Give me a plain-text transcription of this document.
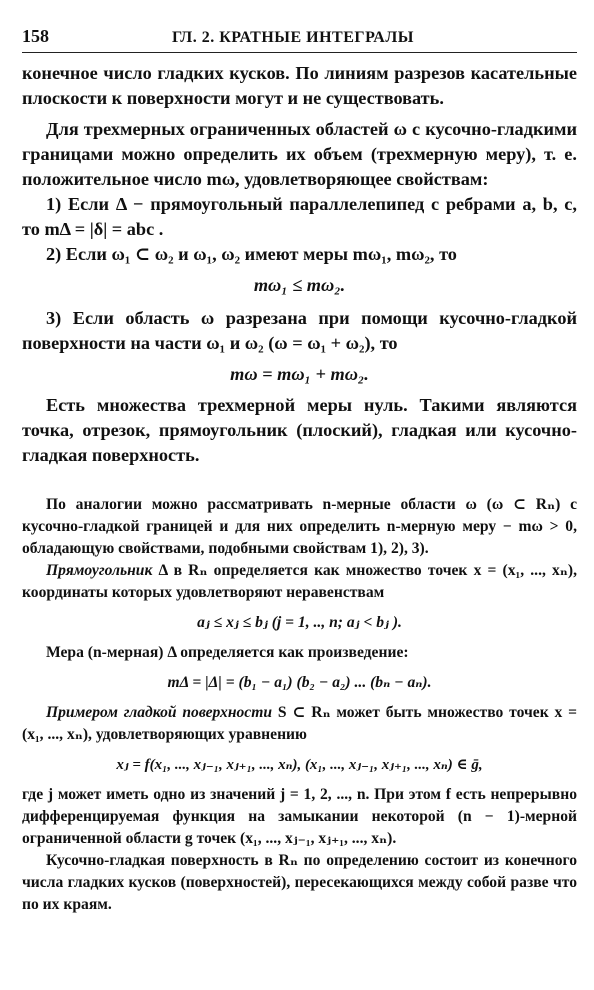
158	ГЛ. 2. КРАТНЫЕ ИНТЕГРАЛЫ

конечное число гладких кусков. По линиям разрезов касательные плоскости к поверхности могут и не существовать.

Для трехмерных ограниченных областей ω с кусочно-гладкими границами можно определить их объем (трехмерную меру), т. е. положительное число mω, удовлетворяющее свойствам:

1) Если Δ − прямоугольный параллелепипед с ребрами a, b, c, то mΔ = |δ| = abc .

2) Если ω₁ ⊂ ω₂ и ω₁, ω₂ имеют меры mω₁, mω₂, то

mω₁ ≤ mω₂.

3) Если область ω разрезана при помощи кусочно-гладкой поверхности на части ω₁ и ω₂ (ω = ω₁ + ω₂), то

mω = mω₁ + mω₂.

Есть множества трехмерной меры нуль. Такими являются точка, отрезок, прямоугольник (плоский), гладкая или кусочно-гладкая поверхность.

По аналогии можно рассматривать n-мерные области ω (ω ⊂ Rₙ) с кусочно-гладкой границей и для них определить n-мерную меру − mω > 0, обладающую свойствами, подобными свойствам 1), 2), 3).

Прямоугольник Δ в Rₙ определяется как множество точек x = (x₁, ..., xₙ), координаты которых удовлетворяют неравенствам

aⱼ ≤ xⱼ ≤ bⱼ (j = 1, .., n; aⱼ < bⱼ ).

Мера (n-мерная) Δ определяется как произведение:

mΔ = |Δ| = (b₁ − a₁) (b₂ − a₂) ... (bₙ − aₙ).

Примером гладкой поверхности S ⊂ Rₙ может быть множество точек x = (x₁, ..., xₙ), удовлетворяющих уравнению

xⱼ = f(x₁, ..., xⱼ₋₁, xⱼ₊₁, ..., xₙ), (x₁, ..., xⱼ₋₁, xⱼ₊₁, ..., xₙ) ∈ ḡ,

где j может иметь одно из значений j = 1, 2, ..., n. При этом f есть непрерывно дифференцируемая функция на замыкании некоторой (n − 1)-мерной ограниченной области g точек (x₁, ..., xⱼ₋₁, xⱼ₊₁, ..., xₙ).

Кусочно-гладкая поверхность в Rₙ по определению состоит из конечного числа гладких кусков (поверхностей), пересекающихся между собой разве что по их краям.
